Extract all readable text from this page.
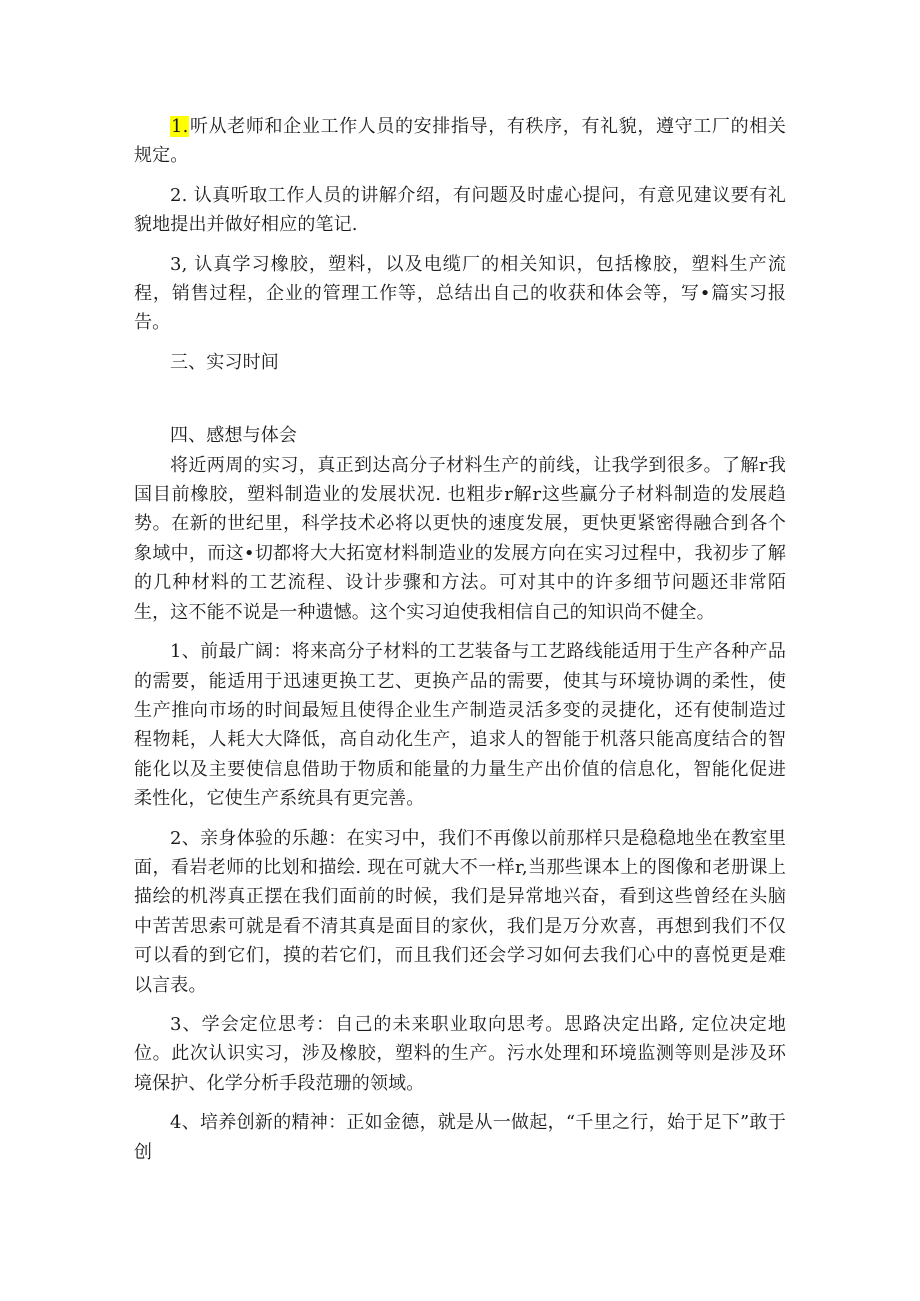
1.听从老师和企业工作人员的安排指导，有秩序，有礼貌，遵守工厂的相关规定。

2. 认真听取工作人员的讲解介绍，有问题及时虚心提问，有意见建议要有礼貌地提出并做好相应的笔记.

3, 认真学习橡胶，塑料，以及电缆厂的相关知识，包括橡胶，塑料生产流程，销售过程，企业的管理工作等，总结出自己的收获和体会等，写•篇实习报告。

三、实习时间

四、感想与体会

将近两周的实习，真正到达高分子材料生产的前线，让我学到很多。了解r我国目前橡胶，塑料制造业的发展状况. 也粗步r解r这些赢分子材料制造的发展趋势。在新的世纪里，科学技术必将以更快的速度发展，更快更紧密得融合到各个象域中，而这•切都将大大拓宽材料制造业的发展方向在实习过程中，我初步了解的几种材料的工艺流程、设计步骤和方法。可对其中的许多细节问题还非常陌生，这不能不说是一种遗憾。这个实习迫使我相信自己的知识尚不健全。

1、前最广阔：将来高分子材料的工艺装备与工艺路线能适用于生产各种产品的需要，能适用于迅速更换工艺、更换产品的需要，使其与环境协调的柔性，使生产推向市场的时间最短且使得企业生产制造灵活多变的灵捷化，还有使制造过程物耗，人耗大大降低，高自动化生产，追求人的智能于机落只能高度结合的智能化以及主要使信息借助于物质和能量的力量生产出价值的信息化，智能化促进柔性化，它使生产系统具有更完善。

2、亲身体验的乐趣：在实习中，我们不再像以前那样只是稳稳地坐在教室里面，看岩老师的比划和描绘. 现在可就大不一样r,当那些课本上的图像和老册课上描绘的机涔真正摆在我们面前的时候，我们是异常地兴奋，看到这些曾经在头脑中苦苦思索可就是看不清其真是面目的家伙，我们是万分欢喜，再想到我们不仅可以看的到它们，摸的若它们，而且我们还会学习如何去我们心中的喜悦更是难以言表。

3、学会定位思考：自己的未来职业取向思考。思路决定出路, 定位决定地位。此次认识实习，涉及橡胶，塑料的生产。污水处理和环境监测等则是涉及环境保护、化学分析手段范珊的领域。

4、培养创新的精神：正如金德，就是从一做起，“千里之行，始于足下”敢于创
